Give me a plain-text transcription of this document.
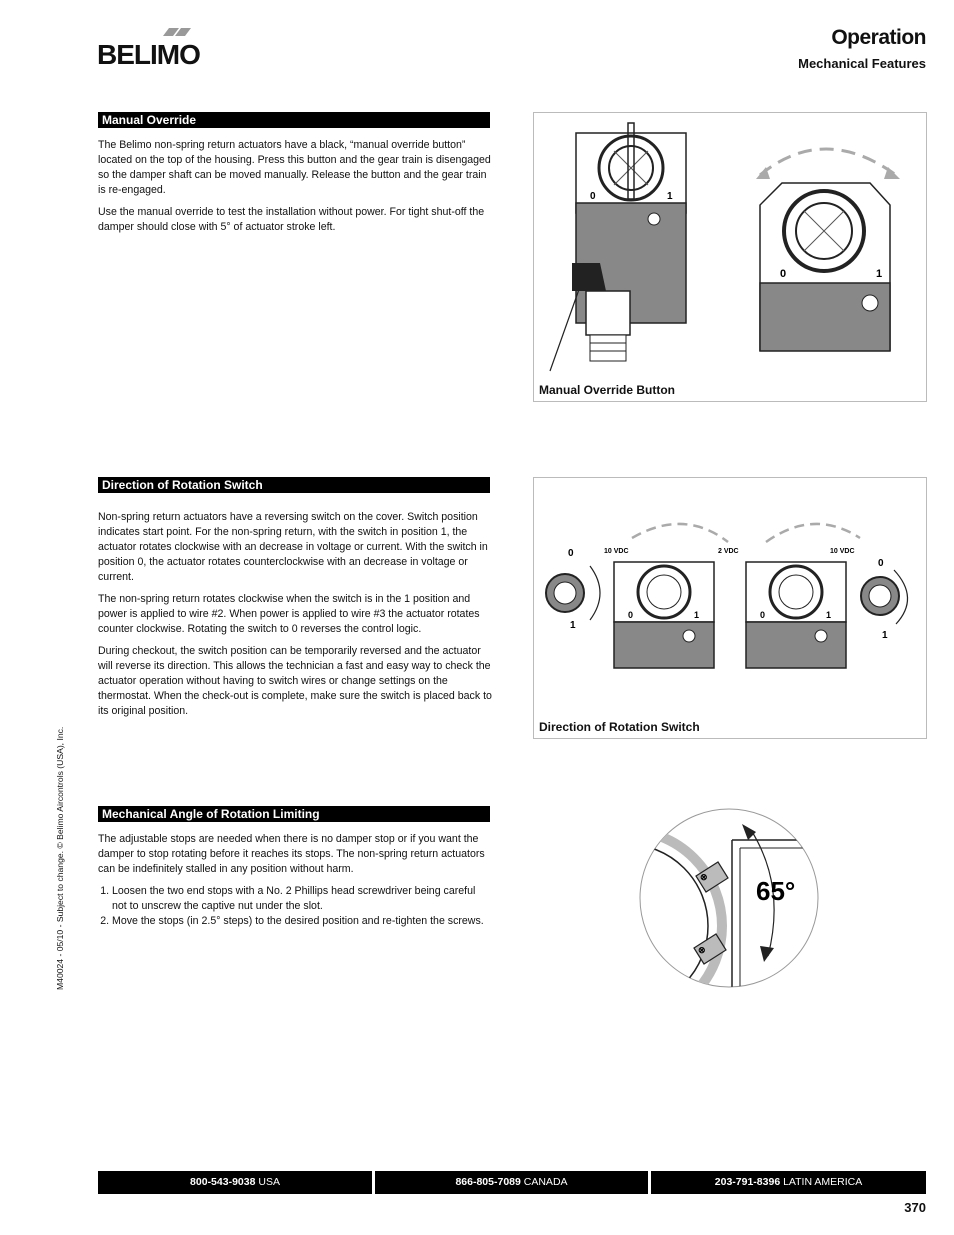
BELIMO
Operation
Mechanical Features
Manual Override

The Belimo non-spring return actuators have a black, “manual override button” located on the top of the housing. Press this button and the gear train is disengaged so the damper shaft can be moved manually. Release the button and the gear train is re-engaged.

Use the manual override to test the installation without power. For tight shut-off the damper should close with 5° of actuator stroke left.

0	1
0	1
Manual Override Button
Direction of Rotation Switch

Non-spring return actuators have a reversing switch on the cover. Switch position indicates start point. For the non-spring return, with the switch in position 1, the actuator rotates clockwise with an decrease in voltage or current. With the switch in position 0, the actuator rotates counterclockwise with an decrease in voltage or current.

The non-spring return rotates clockwise when the switch is in the 1 position and power is applied to wire #2. When power is applied to wire #3 the actuator rotates counter clockwise. Rotating the switch to 0 reverses the control logic.

During checkout, the switch position can be temporarily reversed and the actuator will reverse its direction. This allows the technician a fast and easy way to check the actuator operation without having to switch wires or change settings on the thermostat. When the check-out is complete, make sure the switch is placed back to its original position.

10 VDC	2 VDC	10 VDC
0
1
0	1	0	1
0
1
Direction of Rotation Switch
Mechanical Angle of Rotation Limiting

The adjustable stops are needed when there is no damper stop or if you want the damper to stop rotating before it reaches its stops. The non-spring return actuators can be indefinitely stalled in any position without harm.

1. Loosen the two end stops with a No. 2 Phillips head screwdriver being careful not to unscrew the captive nut under the slot.
2. Move the stops (in 2.5° steps) to the desired position and re-tighten the screws.
⊗
⊗
65°
M40024 - 05/10 - Subject to change. © Belimo Aircontrols (USA), Inc.
800-543-9038 USA	866-805-7089 CANADA	203-791-8396 LATIN AMERICA
370
